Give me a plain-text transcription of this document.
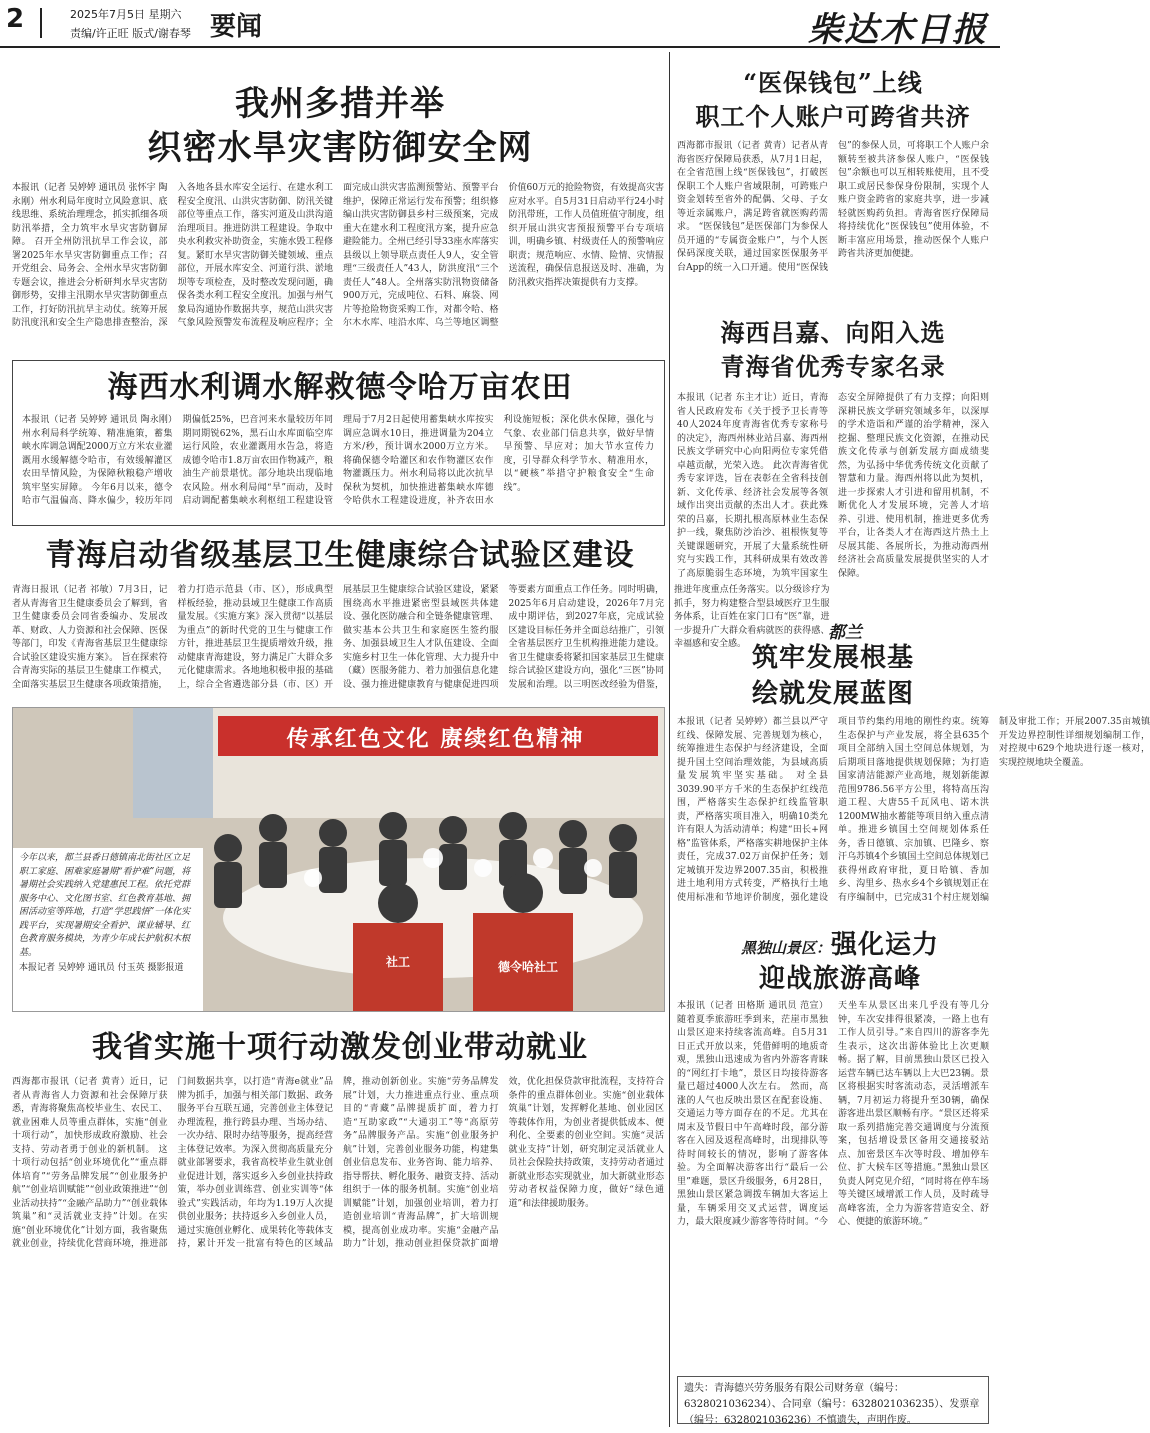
2	2025年7月5日 星期六
责编/许正旺 版式/谢春琴 要闻	柴达木日报
我州多措并举
织密水旱灾害防御安全网
本报讯（记者 吴婷婷 通讯员 张怀宇 陶永刚）州水利局年度时立风险意识、底线思维、系统治理理念，抓实抓细各项防汛举措，全力筑牢水旱灾害防御屏障。 召开全州防汛抗旱工作会议，部署2025年水旱灾害防御重点工作；召开党组会、局务会、全州水旱灾害防御专题会议，推进会分析研判水旱灾害防御形势，安排主汛期水旱灾害防御重点工作，打好防汛抗旱主动仗。统筹开展防汛度汛和安全生产隐患排查整治，深入各地各县水库安全运行、在建水利工程安全度汛、山洪灾害防御、防汛关键部位等重点工作，落实河道及山洪沟道治理项目。推进防洪工程建设。争取中央水利救灾补助资金，实施水毁工程修复。紧盯水旱灾害防御关键领域、重点部位，开展水库安全、河道行洪、淤地坝等专项检查，及时整改发现问题，确保各类水利工程安全度汛。加强与州气象局沟通协作数据共享，规范山洪灾害气象风险预警发布流程及响应程序；全面完成山洪灾害监测预警站、预警平台维护，保障正常运行发布预警；组织修编山洪灾害防御县乡村三级预案，完成重大在建水利工程度汛方案，提升应急避险能力。全州已经引导33座水库落实县级以上领导联点责任人9人，安全管理“三级责任人”43人，防洪度汛“三个责任人”48人。全州落实防汛物资储备900万元，完成吨位、石料、麻袋、网片等抢险物资采购工作，对都令哈、格尔木水库、哇沿水库、乌兰等地区调整价值60万元的抢险物资，有效提高灾害应对水平。自5月31日启动平行24小时防汛带班，工作人员值班值守制度，组织开展山洪灾害预报预警平台专项培训，明确乡镇、村级责任人的预警响应职责；规范响应、水情、险情、灾情报送流程，确保信息报送及时、准确，为防汛救灾指挥决策提供有力支撑。
海西水利调水解救德令哈万亩农田
本报讯（记者 吴婷婷 通讯员 陶永刚）州水利局科学统筹、精准施策，蓄集峡水库调急调配2000万立方米农业灌溉用水缓解德令哈市，有效缓解灌区农田旱情风险，为保障秋粮稳产增收筑牢坚实屏障。 今年6月以来，德令哈市气温偏高、降水偏少，较历年同期偏低25%，巴音河来水量较历年同期同期锐62%，黑石山水库面临空库运行风险，农业灌溉用水告急，将造成德令哈市1.8万亩农田作物减产，粮油生产前景堪忧。部分地块出现临地农风险。州水利局闻“旱”而动，及时启动调配蓄集峡水利枢纽工程建设管理局于7月2日起使用蓄集峡水库按实调应急调水10日，推进调量为204立方米/秒，预计调水2000万立方米。将确保德令哈灌区和农作物灌区农作物灌溉压力。州水利局将以此次抗旱保秋为契机，加快推进蓄集峡水库德令哈供水工程建设进度，补齐农田水利设施短板；深化供水保障，强化与气象、农业部门信息共享，做好旱情早预警、早应对；加大节水宣传力度，引导群众科学节水、精准用水，以“硬核”举措守护粮食安全“生命线”。
青海启动省级基层卫生健康综合试验区建设
青海日报讯（记者 祁敏）7月3日，记者从青海省卫生健康委员会了解到，省卫生健康委员会同省委编办、发展改革、财政、人力资源和社会保障、医保等部门，印发《青海省基层卫生健康综合试验区建设实施方案》。 旨在探索符合青海实际的基层卫生健康工作模式，全面落实基层卫生健康各项政策措施，着力打造示范县（市、区），形成典型样板经验，推动县域卫生健康工作高质量发展。《实施方案》深入贯彻“以基层为重点”的新时代党的卫生与健康工作方针，推进基层卫生提质增效升级，推动健康青海建设，努力满足广大群众多元化健康需求。各地地积极申报的基础上，综合全省遴选部分县（市、区）开展基层卫生健康综合试验区建设，紧紧围绕高水平推进紧密型县域医共体建设、强化医防融合和全链条健康管理、做实基本公共卫生和家庭医生签约服务、加强县域卫生人才队伍建设、全面实施乡村卫生一体化管理、大力提升中（藏）医服务能力、着力加强信息化建设、强力推进健康教育与健康促进四项等要素方面重点工作任务。同时明确，2025年6月启动建设，2026年7月完成中期评估，到2027年底，完成试验区建设目标任务并全面总结推广，引领全省基层医疗卫生机构推进能力建设。省卫生健康委将紧扣国家基层卫生健康综合试验区建设方向，强化“三医”协同发展和治理。以三明医改经验为借鉴，推进年度重点任务落实。以分级诊疗为抓手，努力构建整合型县域医疗卫生服务体系，让百姓在家门口有“医”靠，进一步提升广大群众看病就医的获得感、幸福感和安全感。
传承红色文化 赓续红色精神
社工	德令哈社工
今年以来，都兰县香日德镇南北街社区立足职工家庭、困难家庭暑期“看护难”问题，将暑期社会实践纳入党建惠民工程。依托党群服务中心、文化图书室、红色教育基地、拥困活动室等阵地，打造“学思践悟”一体化实践平台，实现暑期安全看护、课业辅导、红色教育服务模块，为青少年成长护航积木根基。
本报记者 吴婷婷 通讯员 付玉英 摄影报道
我省实施十项行动激发创业带动就业
西海都市报讯（记者 黄青）近日，记者从青海省人力资源和社会保障厅获悉，青海将聚焦高校毕业生、农民工、就业困难人员等重点群体，实施“创业十项行动”，加快形成政府激励、社会支持、劳动者勇于创业的新机制。 这十项行动包括“创业环境优化”“重点群体培育”“劳务品牌发展”“创业服务护航”“创业培训赋能”“创业政策推进”“创业活动扶持”“金融产品助力”“创业载体筑巢”和“灵活就业支持”计划。在实施“创业环境优化”计划方面，我省聚焦就业创业，持续优化营商环境，推进部门间数据共享，以打造“青海e就业”品牌为抓手，加强与相关部门数据、政务服务平台互联互通，完善创业主体登记办理流程，推行跨县办理、当场办结、一次办结、限时办结等服务，提高经营主体登记效率。为深入贯彻高质量充分就业部署要求，我省高校毕业生就业创业促进计划，落实返乡入乡创业扶持政策，举办创业训练营、创业实训等“体验式”实践活动，年均为1.19万人次提供创业服务；扶持返乡入乡创业人员，通过实施创业孵化、成果转化等载体支持，累计开发一批富有特色的区域品牌，推动创新创业。实施“劳务品牌发展”计划，大力推进重点行业、重点项目的“青藏”品牌提质扩面，着力打造“互助家政”“大通羽工”等“高原劳务”品牌服务产品。实施“创业服务护航”计划，完善创业服务功能，构建集创业信息发布、业务咨询、能力培养、指导帮扶、孵化服务、融资支持、活动组织于一体的服务机制。实施“创业培训赋能”计划，加强创业培训，着力打造创业培训“青海品牌”，扩大培训规模，提高创业成功率。实施“金融产品助力”计划，推动创业担保贷款扩面增效，优化担保贷款审批流程，支持符合条件的重点群体创业。实施“创业载体筑巢”计划，发挥孵化基地、创业园区等载体作用，为创业者提供低成本、便利化、全要素的创业空间。实施“灵活就业支持”计划，研究制定灵活就业人员社会保险扶持政策，支持劳动者通过新就业形态实现就业，加大新就业形态劳动者权益保障力度，做好“绿色通道”和法律援助服务。
“医保钱包”上线
职工个人账户可跨省共济
西海都市报讯（记者 黄青）记者从青海省医疗保障局获悉，从7月1日起，在全省范围上线“医保钱包”，打破医保职工个人账户省域限制，可跨账户资金划转至省外的配偶、父母、子女等近亲属账户，满足跨省就医购药需求。 “医保钱包”是医保部门为参保人员开通的“专属资金账户”，与个人医保码深度关联，通过国家医保服务平台App的统一入口开通。使用“医保钱包”的参保人员，可将职工个人账户余额转至被共济参保人账户，“医保钱包”余额也可以互相转账使用，且不受职工或居民参保身份限制，实现个人账户资金跨省的家庭共享，进一步减轻就医购药负担。青海省医疗保障局将持续优化“医保钱包”使用体验，不断丰富应用场景，推动医保个人账户跨省共济更加便捷。
海西吕嘉、向阳入选
青海省优秀专家名录
本报讯（记者 东主才让）近日，青海省人民政府发布《关于授予卫长青等40人2024年度青海省优秀专家称号的决定》，海西州林业站吕嘉、海西州民族文学研究中心向阳两位专家凭借卓越贡献，光荣入选。 此次青海省优秀专家评选，旨在表彰在全省科技创新、文化传承、经济社会发展等各领域作出突出贡献的杰出人才。获此殊荣的吕嘉，长期扎根高原林业生态保护一线，聚焦防沙治沙、祖根恢复等关键课题研究，开展了大量系统性研究与实践工作，其科研成果有效改善了高原脆弱生态环境，为筑牢国家生态安全屏障提供了有力支撑；向阳则深耕民族文学研究领域多年，以深厚的学术造诣和严谨的治学精神，深入挖掘、整理民族文化资源，在推动民族文化传承与创新发展方面成绩斐然，为弘扬中华优秀传统文化贡献了智慧和力量。海西州将以此为契机，进一步探索人才引进和留用机制，不断优化人才发展环境，完善人才培养、引进、使用机制，推进更多优秀平台，让各类人才在海西这片热土上尽展其能、各展所长，为推动海西州经济社会高质量发展提供坚实的人才保障。
都兰
筑牢发展根基
绘就发展蓝图
本报讯（记者 吴婷婷）都兰县以严守红线、保障发展、完善规划为核心，统筹推进生态保护与经济建设，全面提升国土空间治理效能，为县域高质量发展筑牢坚实基础。 对全县3039.90平方千米的生态保护红线范围，严格落实生态保护红线监管职责，严格落实项目准入，明确10类允许有限人为活动清单；构建“田长+网格”监管体系，严格落实耕地保护主体责任，完成37.02万亩保护任务；划定城镇开发边界2007.35亩，积极推进土地利用方式转变，严格执行土地使用标准和节地评价制度，强化建设项目节约集约用地的刚性约束。统筹生态保护与产业发展，将全县635个项目全部纳入国土空间总体规划，为后期项目落地提供规划保障；为打造国家清洁能源产业高地，规划新能源范围9786.56平方公里，将特高压沟道工程、大唐55千瓦风电、诺木洪1200MW抽水蓄能等项目纳入重点清单。推进乡镇国土空间规划体系任务，香日德镇、宗加镇、巴隆乡、察汗乌苏镇4个乡镇国土空间总体规划已获得州政府审批，夏日哈镇、香加乡、沟里乡、热水乡4个乡镇规划正在有序编制中，已完成31个村庄规划编制及审批工作；开展2007.35亩城镇开发边界控制性详细规划编制工作，对控规中629个地块进行逐一核对，实现控规地块全覆盖。
黑独山景区：强化运力
迎战旅游高峰
本报讯（记者 田格斯 通讯员 范宣）随着夏季旅游旺季到来，茫崖市黑独山景区迎来持续客流高峰。自5月31日正式开放以来，凭借鲜明的地质奇观，黑独山迅速成为省内外游客青睐的“网红打卡地”，景区日均接待游客量已超过4000人次左右。 然而，高涨的人气也反映出景区在配套设施、交通运力等方面存在的不足。尤其在周末及节假日中午高峰时段，部分游客在入园及返程高峰时，出现排队等待时间较长的情况，影响了游客体验。为全面解决游客出行“最后一公里”难题，景区升级服务，6月28日，黑独山景区紧急调拨车辆加大客运上量，车辆采用交叉式运营，调度运力，最大限度减少游客等待时间。“今天坐车从景区出来几乎没有等几分钟，车次安排得很紧凑，一路上也有工作人员引导。”来自四川的游客李先生表示，这次出游体验比上次更顺畅。据了解，目前黑独山景区已投入运营车辆已达车辆以上大巴23辆。景区将根据实时客流动态，灵活增派车辆，7月初运力将提升至30辆，确保游客进出景区顺畅有序。“景区还将采取一系列措施完善交通调度与分流预案，包括增设景区备用交通接驳站点、加密景区车次等时段、增加停车位、扩大候车区等措施。”黑独山景区负责人阿克见介绍，“同时将在停车场等关键区域增派工作人员，及时疏导高峰客流，全力为游客营造安全、舒心、便捷的旅游环境。”
遗失：青海德兴劳务服务有限公司财务章（编号：6328021036234）、合同章（编号：6328021036235）、发票章（编号：6328021036236）不慎遗失，声明作废。
